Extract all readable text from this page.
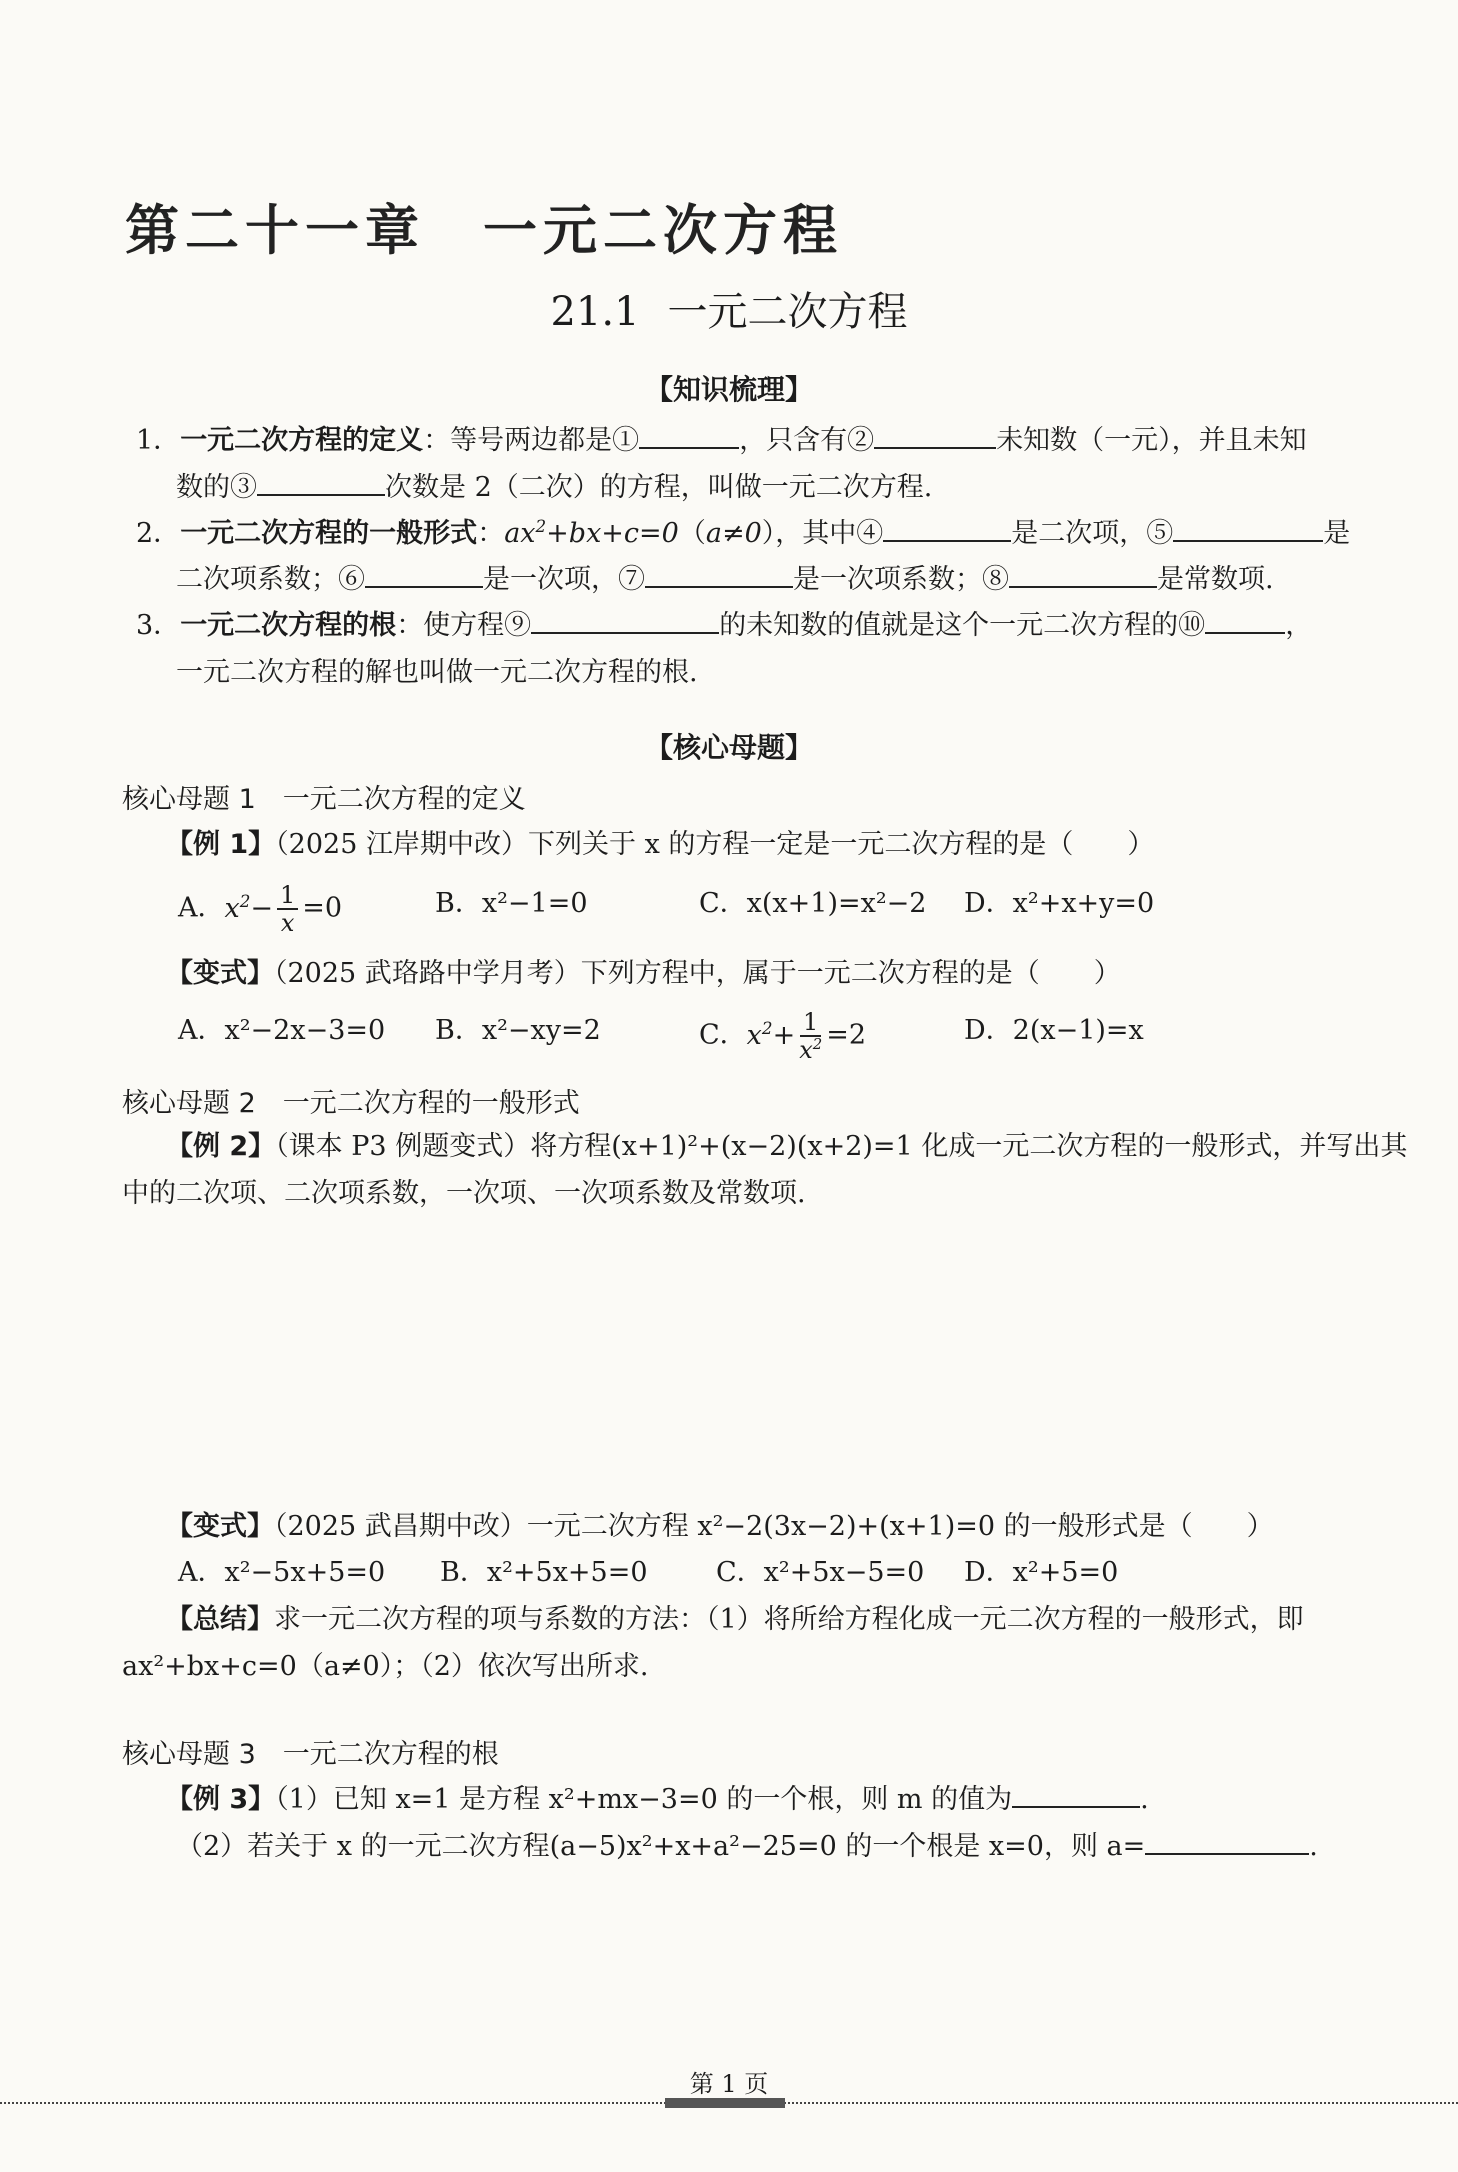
第二十一章 一元二次方程
21.1 一元二次方程
【知识梳理】
1．一元二次方程的定义：等号两边都是①	，只含有②	未知数（一元），并且未知
数的③	次数是 2（二次）的方程，叫做一元二次方程.
2．一元二次方程的一般形式：$ax^2+bx+c=0(a\ne 0)$，其中④	是二次项，⑤	是
二次项系数；⑥	是一次项，⑦	是一次项系数；⑧	是常数项.
3．一元二次方程的根：使方程⑨	的未知数的值就是这个一元二次方程的⑩	，
一元二次方程的解也叫做一元二次方程的根.
【核心母题】
核心母题 1　一元二次方程的定义
【例 1】（2025 江岸期中改）下列关于 x 的方程一定是一元二次方程的是（　　）
A．$x^2- \frac{1}{x} =0$	B．x²−1=0	C．x(x+1)=x²−2 D．x²+x+y=0
【变式】（2025 武珞路中学月考）下列方程中，属于一元二次方程的是（　　）
A．x²−2x−3=0 B．x²−xy=2	C．$x^2+ \frac{1}{x^2} =2$	D．2(x−1)=x
核心母题 2　一元二次方程的一般形式
【例 2】（课本 P3 例题变式）将方程(x+1)²+(x−2)(x+2)=1 化成一元二次方程的一般形式，并写出其
中的二次项、二次项系数，一次项、一次项系数及常数项.
【变式】（2025 武昌期中改）一元二次方程 x²−2(3x−2)+(x+1)=0 的一般形式是（　　）
A．x²−5x+5=0 B．x²+5x+5=0	C．x²+5x−5=0 D．x²+5=0
【总结】求一元二次方程的项与系数的方法：（1）将所给方程化成一元二次方程的一般形式，即
ax²+bx+c=0（a≠0）；（2）依次写出所求.
核心母题 3　一元二次方程的根
【例 3】（1）已知 x=1 是方程 x²+mx−3=0 的一个根，则 m 的值为	.
（2）若关于 x 的一元二次方程(a−5)x²+x+a²−25=0 的一个根是 x=0，则 a=	.
第 1 页
